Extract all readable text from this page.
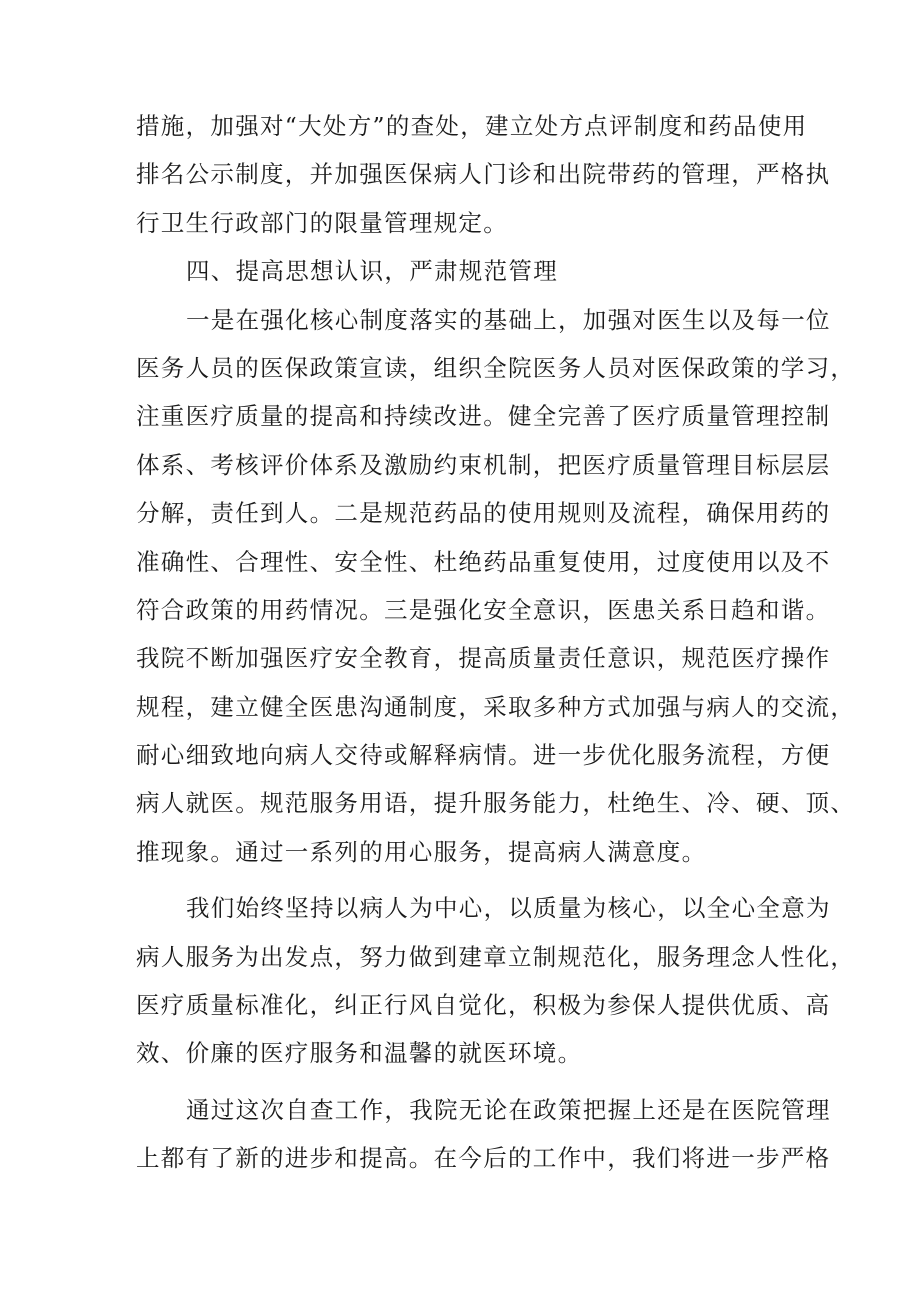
措施，加强对“大处方”的查处，建立处方点评制度和药品使用
排名公示制度，并加强医保病人门诊和出院带药的管理，严格执
行卫生行政部门的限量管理规定。
四、提高思想认识，严肃规范管理
一是在强化核心制度落实的基础上，加强对医生以及每一位
医务人员的医保政策宣读，组织全院医务人员对医保政策的学习，
注重医疗质量的提高和持续改进。健全完善了医疗质量管理控制
体系、考核评价体系及激励约束机制，把医疗质量管理目标层层
分解，责任到人。二是规范药品的使用规则及流程，确保用药的
准确性、合理性、安全性、杜绝药品重复使用，过度使用以及不
符合政策的用药情况。三是强化安全意识，医患关系日趋和谐。
我院不断加强医疗安全教育，提高质量责任意识，规范医疗操作
规程，建立健全医患沟通制度，采取多种方式加强与病人的交流，
耐心细致地向病人交待或解释病情。进一步优化服务流程，方便
病人就医。规范服务用语，提升服务能力，杜绝生、冷、硬、顶、
推现象。通过一系列的用心服务，提高病人满意度。
我们始终坚持以病人为中心，以质量为核心，以全心全意为
病人服务为出发点，努力做到建章立制规范化，服务理念人性化，
医疗质量标准化，纠正行风自觉化，积极为参保人提供优质、高
效、价廉的医疗服务和温馨的就医环境。
通过这次自查工作，我院无论在政策把握上还是在医院管理
上都有了新的进步和提高。在今后的工作中，我们将进一步严格
